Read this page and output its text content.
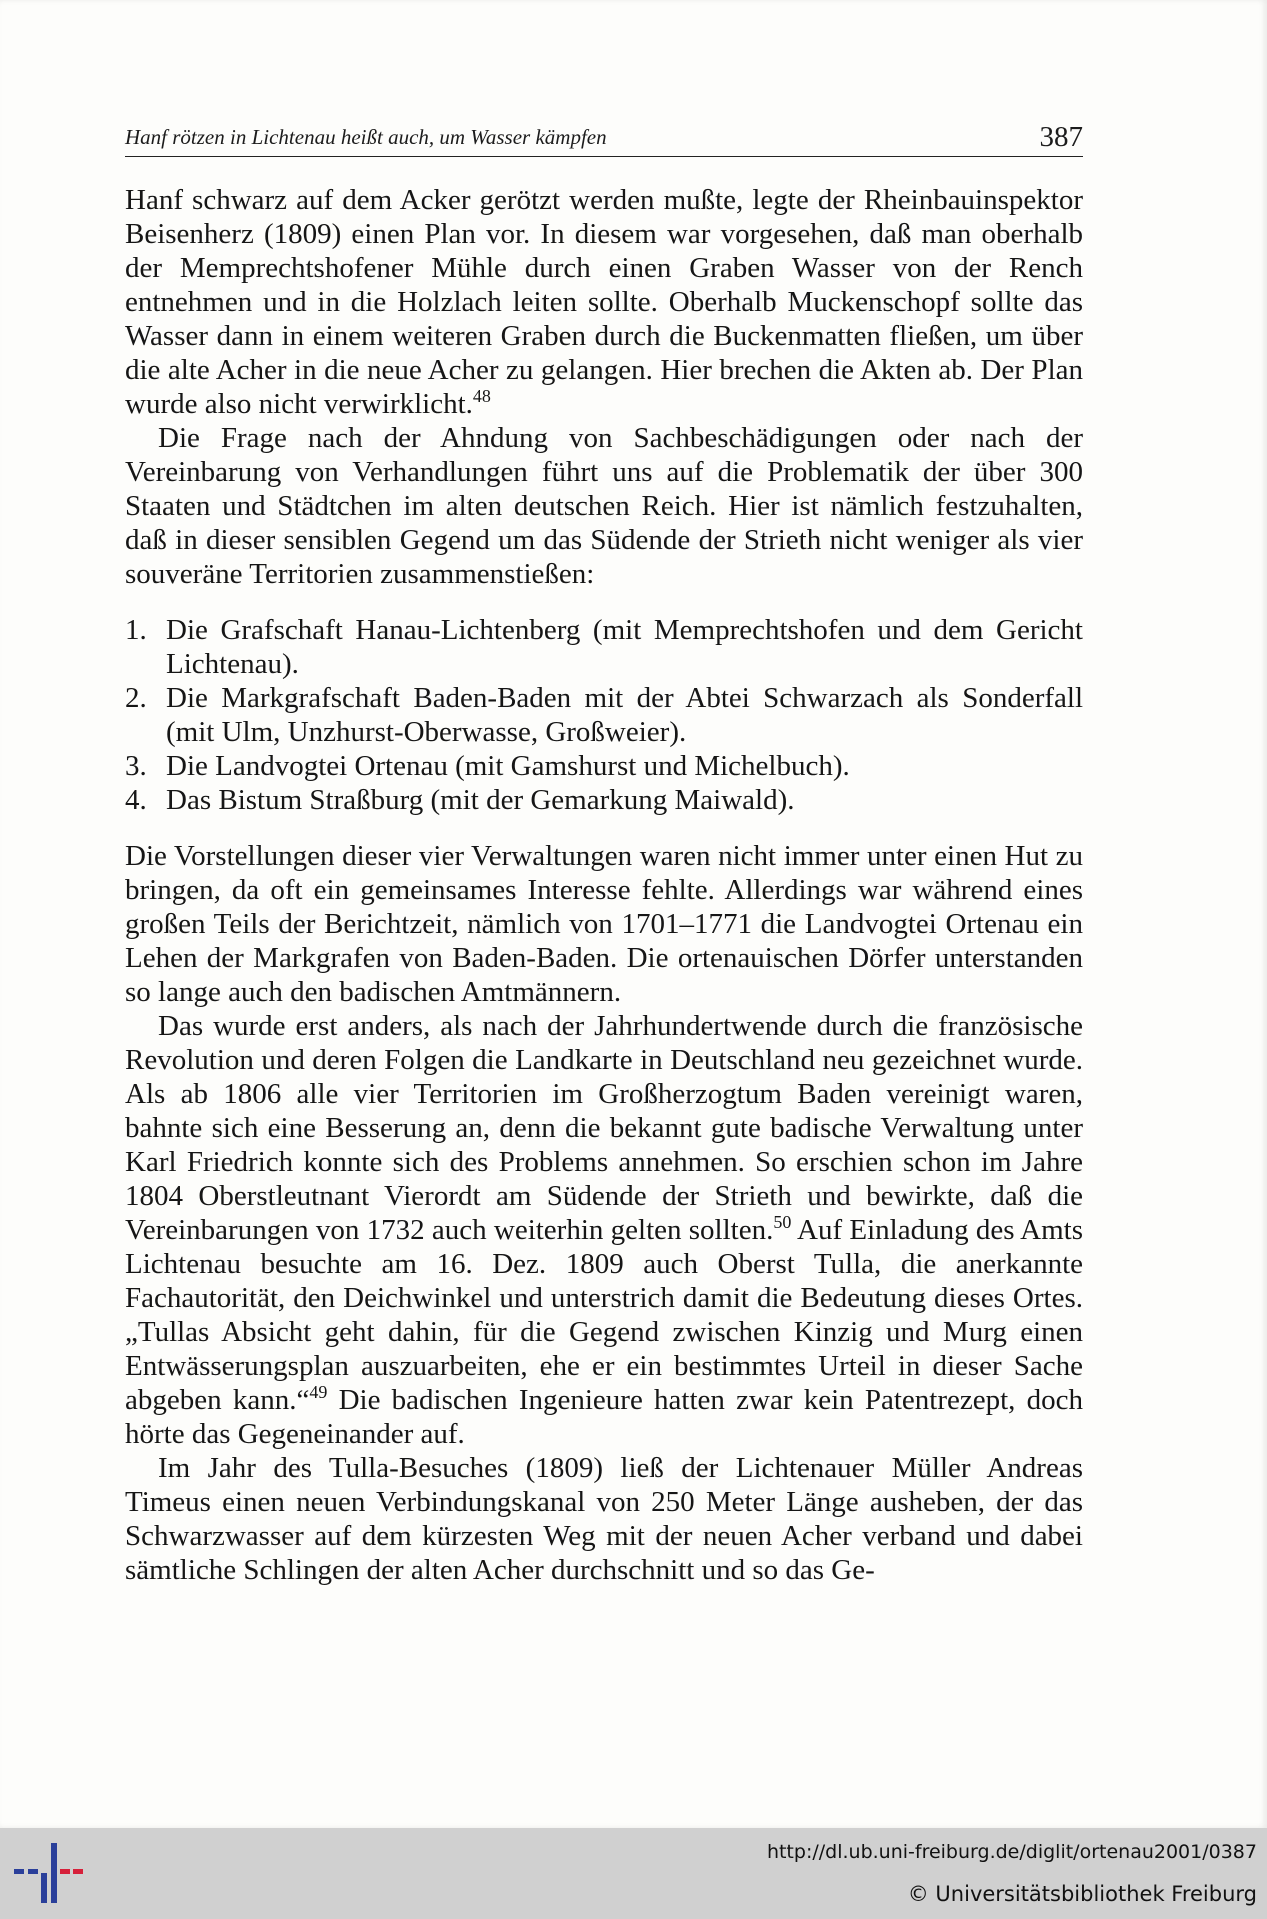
Hanf rötzen in Lichtenau heißt auch, um Wasser kämpfen	387

Hanf schwarz auf dem Acker gerötzt werden mußte, legte der Rheinbauinspektor Beisenherz (1809) einen Plan vor. In diesem war vorgesehen, daß man oberhalb der Memprechtshofener Mühle durch einen Graben Wasser von der Rench entnehmen und in die Holzlach leiten sollte. Oberhalb Muckenschopf sollte das Wasser dann in einem weiteren Graben durch die Buckenmatten fließen, um über die alte Acher in die neue Acher zu gelangen. Hier brechen die Akten ab. Der Plan wurde also nicht verwirklicht.$^{48}$

Die Frage nach der Ahndung von Sachbeschädigungen oder nach der Vereinbarung von Verhandlungen führt uns auf die Problematik der über 300 Staaten und Städtchen im alten deutschen Reich. Hier ist nämlich festzuhalten, daß in dieser sensiblen Gegend um das Südende der Strieth nicht weniger als vier souveräne Territorien zusammenstießen:

1. Die Grafschaft Hanau-Lichtenberg (mit Memprechtshofen und dem Gericht Lichtenau).
2. Die Markgrafschaft Baden-Baden mit der Abtei Schwarzach als Sonderfall (mit Ulm, Unzhurst-Oberwasse, Großweier).
3. Die Landvogtei Ortenau (mit Gamshurst und Michelbuch).
4. Das Bistum Straßburg (mit der Gemarkung Maiwald).

Die Vorstellungen dieser vier Verwaltungen waren nicht immer unter einen Hut zu bringen, da oft ein gemeinsames Interesse fehlte. Allerdings war während eines großen Teils der Berichtzeit, nämlich von 1701–1771 die Landvogtei Ortenau ein Lehen der Markgrafen von Baden-Baden. Die ortenauischen Dörfer unterstanden so lange auch den badischen Amtmännern.

Das wurde erst anders, als nach der Jahrhundertwende durch die französische Revolution und deren Folgen die Landkarte in Deutschland neu gezeichnet wurde. Als ab 1806 alle vier Territorien im Großherzogtum Baden vereinigt waren, bahnte sich eine Besserung an, denn die bekannt gute badische Verwaltung unter Karl Friedrich konnte sich des Problems annehmen. So erschien schon im Jahre 1804 Oberstleutnant Vierordt am Südende der Strieth und bewirkte, daß die Vereinbarungen von 1732 auch weiterhin gelten sollten.$^{50}$ Auf Einladung des Amts Lichtenau besuchte am 16. Dez. 1809 auch Oberst Tulla, die anerkannte Fachautorität, den Deichwinkel und unterstrich damit die Bedeutung dieses Ortes. „Tullas Absicht geht dahin, für die Gegend zwischen Kinzig und Murg einen Entwässerungsplan auszuarbeiten, ehe er ein bestimmtes Urteil in dieser Sache abgeben kann.“$^{49}$ Die badischen Ingenieure hatten zwar kein Patentrezept, doch hörte das Gegeneinander auf.

Im Jahr des Tulla-Besuches (1809) ließ der Lichtenauer Müller Andreas Timeus einen neuen Verbindungskanal von 250 Meter Länge ausheben, der das Schwarzwasser auf dem kürzesten Weg mit der neuen Acher verband und dabei sämtliche Schlingen der alten Acher durchschnitt und so das Ge-

http://dl.ub.uni-freiburg.de/diglit/ortenau2001/0387
© Universitätsbibliothek Freiburg
